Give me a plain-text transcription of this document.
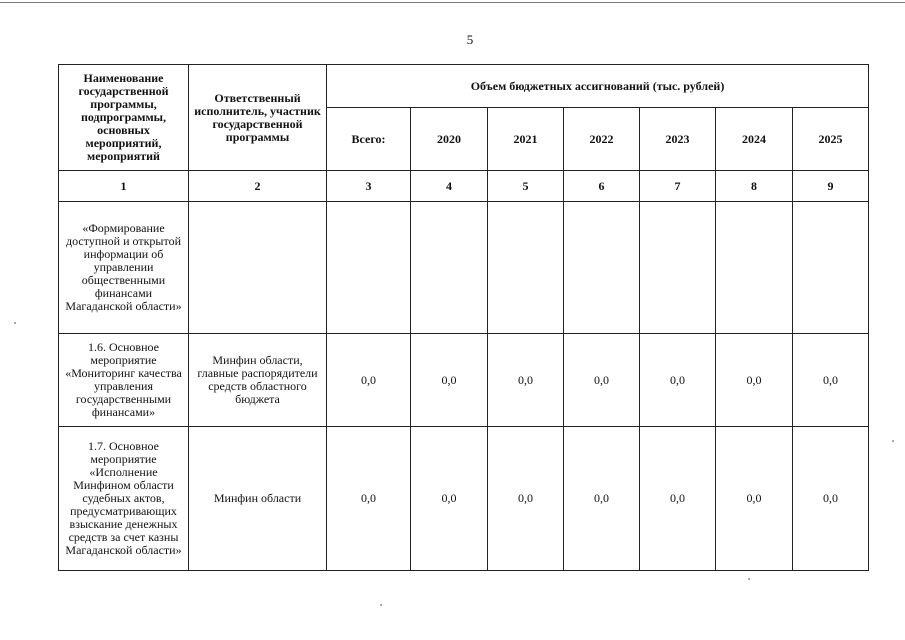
5
Наименование государственной программы, подпрограммы, основных мероприятий, мероприятий	Ответственный исполнитель, участник государственной программы	Объем бюджетных ассигнований (тыс. рублей)						
		Всего:	2020	2021	2022	2023	2024	2025
1	2	3	4	5	6	7	8	9
«Формирование доступной и открытой информации об управлении общественными финансами Магаданской области»								
1.6. Основное мероприятие «Мониторинг качества управления государственными финансами»	Минфин области, главные распорядители средств областного бюджета	0,0	0,0	0,0	0,0	0,0	0,0	0,0
1.7. Основное мероприятие «Исполнение Минфином области судебных актов, предусматривающих взыскание денежных средств за счет казны Магаданской области»	Минфин области	0,0	0,0	0,0	0,0	0,0	0,0	0,0
